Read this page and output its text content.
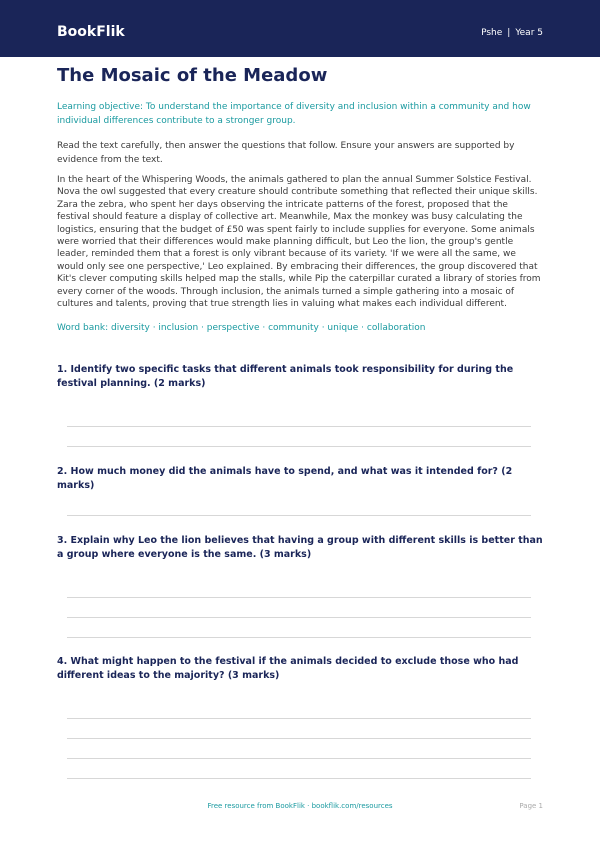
BookFlik	Pshe | Year 5
The Mosaic of the Meadow
Learning objective: To understand the importance of diversity and inclusion within a community and how individual differences contribute to a stronger group.
Read the text carefully, then answer the questions that follow. Ensure your answers are supported by evidence from the text.
In the heart of the Whispering Woods, the animals gathered to plan the annual Summer Solstice Festival. Nova the owl suggested that every creature should contribute something that reflected their unique skills. Zara the zebra, who spent her days observing the intricate patterns of the forest, proposed that the festival should feature a display of collective art. Meanwhile, Max the monkey was busy calculating the logistics, ensuring that the budget of £50 was spent fairly to include supplies for everyone. Some animals were worried that their differences would make planning difficult, but Leo the lion, the group's gentle leader, reminded them that a forest is only vibrant because of its variety. 'If we were all the same, we would only see one perspective,' Leo explained. By embracing their differences, the group discovered that Kit's clever computing skills helped map the stalls, while Pip the caterpillar curated a library of stories from every corner of the woods. Through inclusion, the animals turned a simple gathering into a mosaic of cultures and talents, proving that true strength lies in valuing what makes each individual different.
Word bank: diversity · inclusion · perspective · community · unique · collaboration
1. Identify two specific tasks that different animals took responsibility for during the festival planning. (2 marks)
2. How much money did the animals have to spend, and what was it intended for? (2 marks)
3. Explain why Leo the lion believes that having a group with different skills is better than a group where everyone is the same. (3 marks)
4. What might happen to the festival if the animals decided to exclude those who had different ideas to the majority? (3 marks)
Free resource from BookFlik · bookflik.com/resources	Page 1
